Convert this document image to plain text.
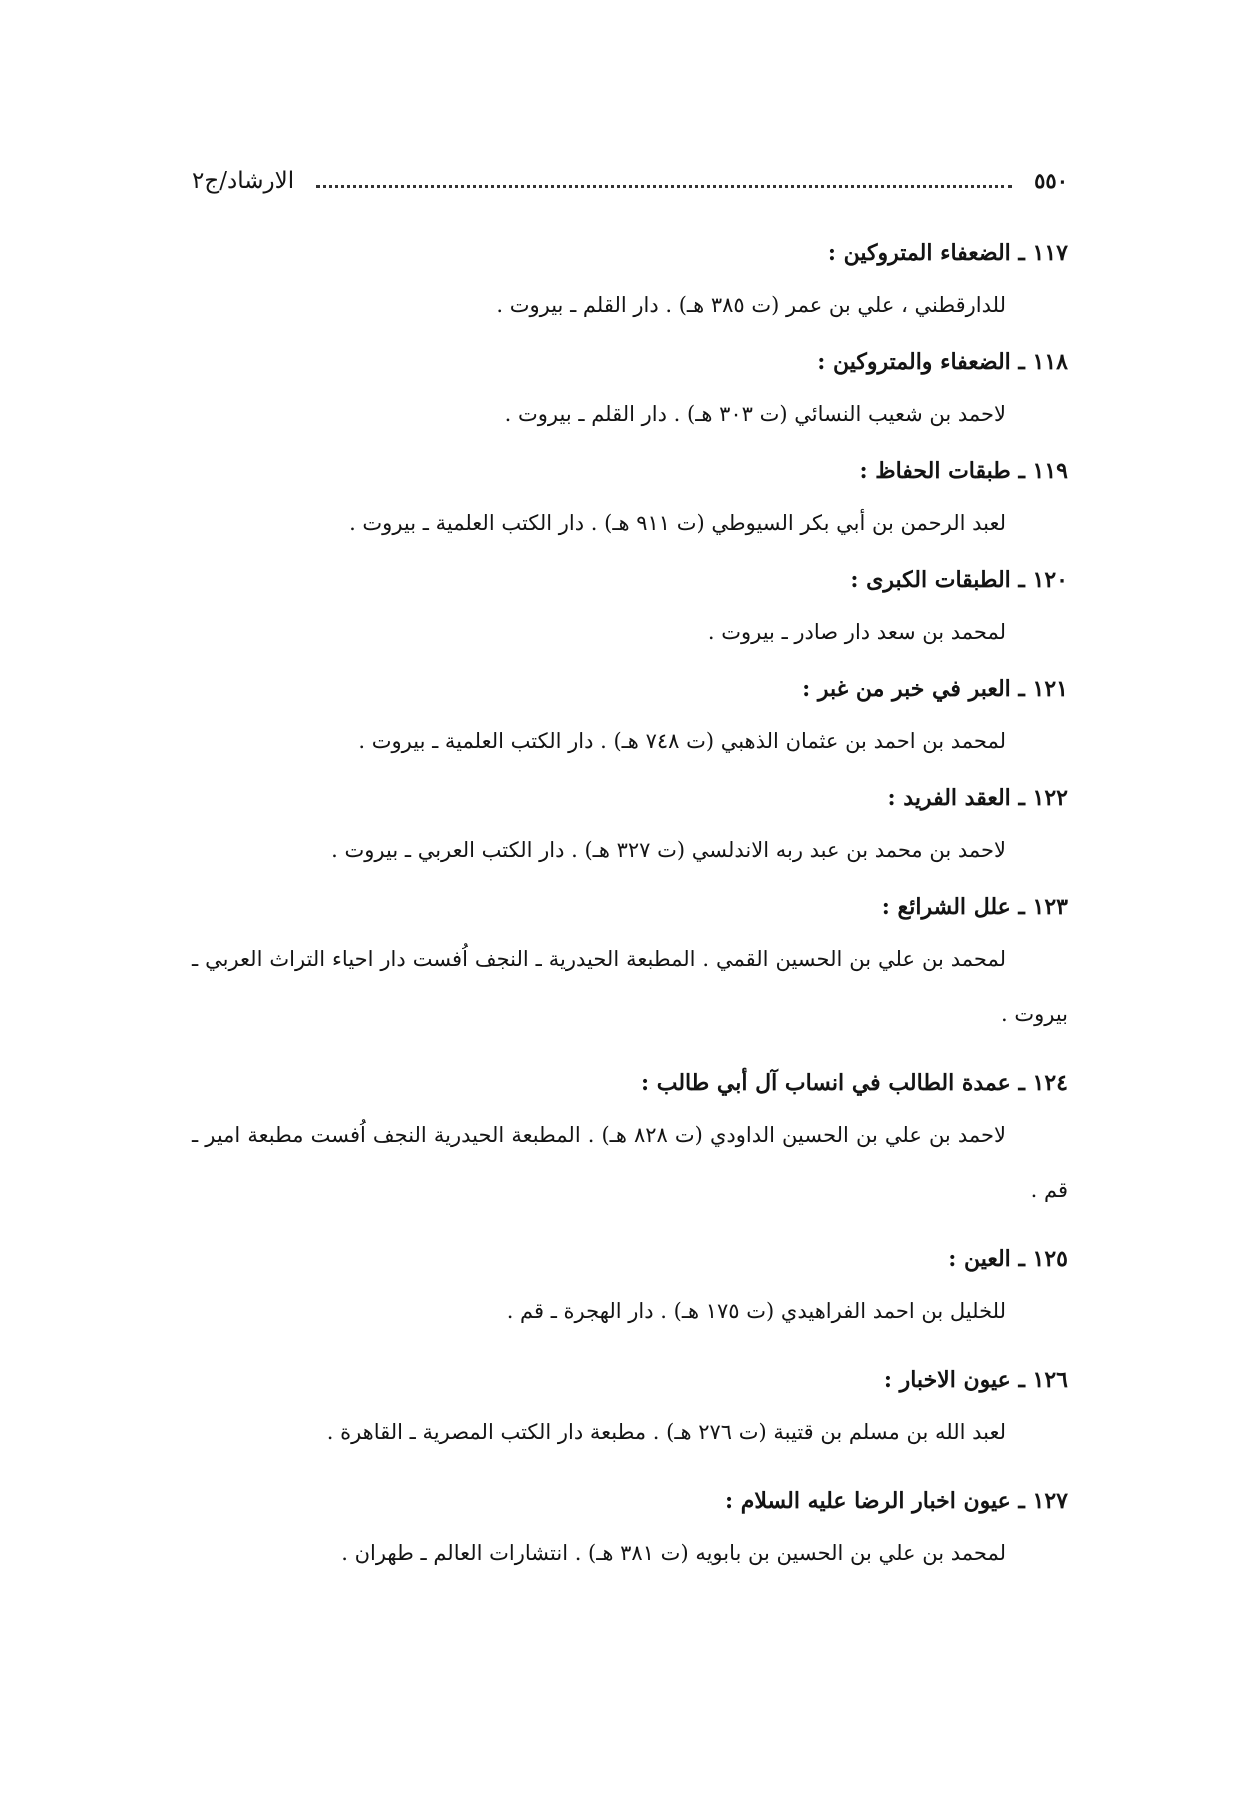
٥٥٠
الارشاد/ج٢

١١٧ ـ الضعفاء المتروكين :

للدارقطني ، علي بن عمر (ت ٣٨٥ هـ) . دار القلم ـ بيروت .

١١٨ ـ الضعفاء والمتروكين :

لاحمد بن شعيب النسائي (ت ٣٠٣ هـ) . دار القلم ـ بيروت .

١١٩ ـ طبقات الحفاظ :

لعبد الرحمن بن أبي بكر السيوطي (ت ٩١١ هـ) . دار الكتب العلمية ـ بيروت .

١٢٠ ـ الطبقات الكبرى :

لمحمد بن سعد دار صادر ـ بيروت .

١٢١ ـ العبر في خبر من غبر :

لمحمد بن احمد بن عثمان الذهبي (ت ٧٤٨ هـ) . دار الكتب العلمية ـ بيروت .

١٢٢ ـ العقد الفريد :

لاحمد بن محمد بن عبد ربه الاندلسي (ت ٣٢٧ هـ) . دار الكتب العربي ـ بيروت .

١٢٣ ـ علل الشرائع :

لمحمد بن علي بن الحسين القمي . المطبعة الحيدرية ـ النجف اُفست دار احياء التراث العربي ـ بيروت .

١٢٤ ـ عمدة الطالب في انساب آل أبي طالب :

لاحمد بن علي بن الحسين الداودي (ت ٨٢٨ هـ) . المطبعة الحيدرية النجف اُفست مطبعة امير ـ قم .

١٢٥ ـ العين :

للخليل بن احمد الفراهيدي (ت ١٧٥ هـ) . دار الهجرة ـ قم .

١٢٦ ـ عيون الاخبار :

لعبد الله بن مسلم بن قتيبة (ت ٢٧٦ هـ) . مطبعة دار الكتب المصرية ـ القاهرة .

١٢٧ ـ عيون اخبار الرضا عليه السلام :

لمحمد بن علي بن الحسين بن بابويه (ت ٣٨١ هـ) . انتشارات العالم ـ طهران .
